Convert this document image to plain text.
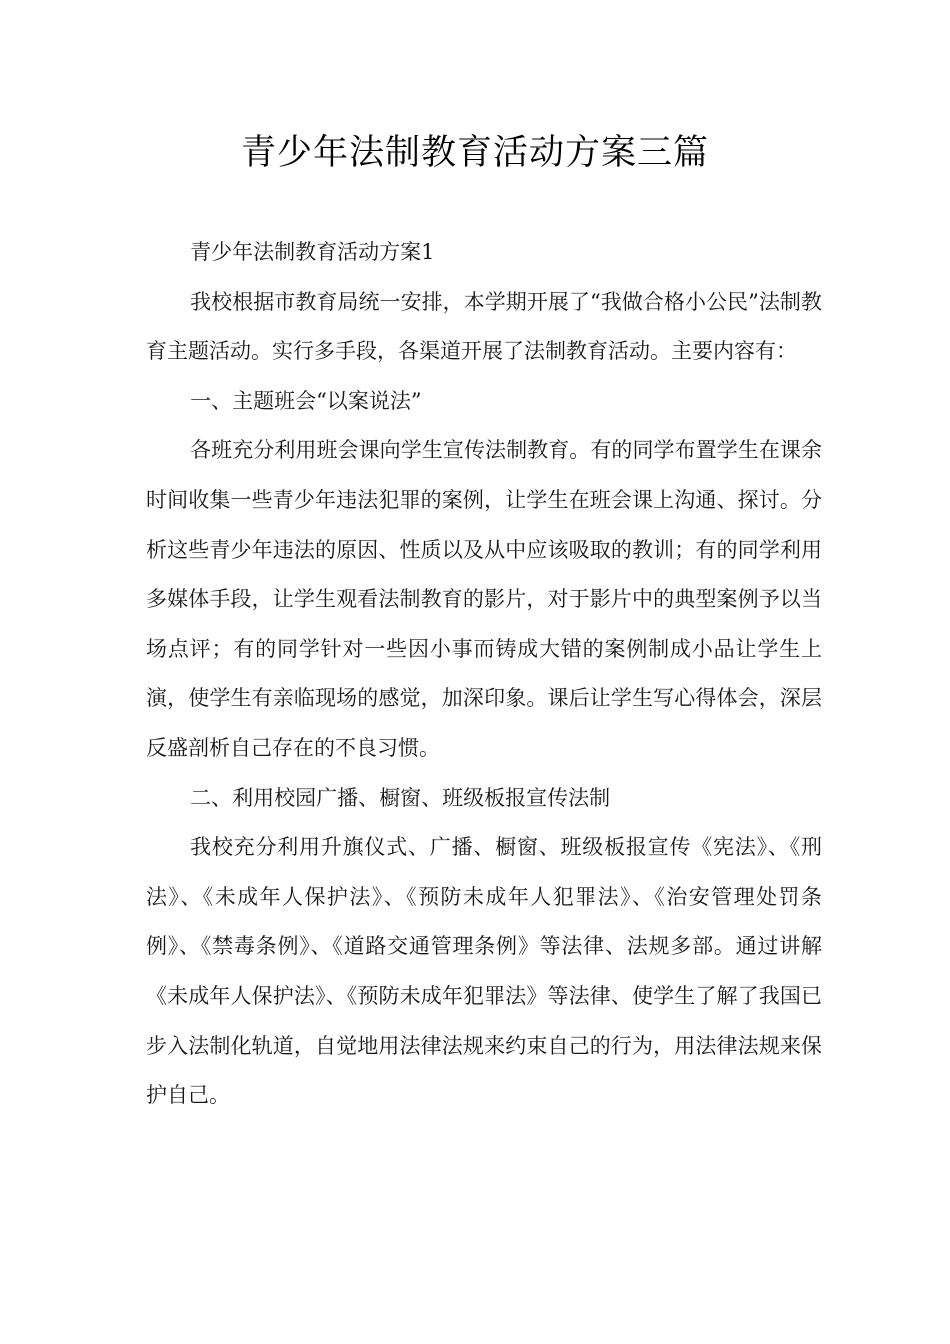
青少年法制教育活动方案三篇

青少年法制教育活动方案1

我校根据市教育局统一安排，本学期开展了“我做合格小公民”法制教育主题活动。实行多手段，各渠道开展了法制教育活动。主要内容有：

一、主题班会“以案说法”

各班充分利用班会课向学生宣传法制教育。有的同学布置学生在课余时间收集一些青少年违法犯罪的案例，让学生在班会课上沟通、探讨。分析这些青少年违法的原因、性质以及从中应该吸取的教训；有的同学利用多媒体手段，让学生观看法制教育的影片，对于影片中的典型案例予以当场点评；有的同学针对一些因小事而铸成大错的案例制成小品让学生上演，使学生有亲临现场的感觉，加深印象。课后让学生写心得体会，深层反盛剖析自己存在的不良习惯。

二、利用校园广播、橱窗、班级板报宣传法制

我校充分利用升旗仪式、广播、橱窗、班级板报宣传《宪法》、《刑法》、《未成年人保护法》、《预防未成年人犯罪法》、《治安管理处罚条例》、《禁毒条例》、《道路交通管理条例》等法律、法规多部。通过讲解《未成年人保护法》、《预防未成年犯罪法》等法律、使学生了解了我国已步入法制化轨道，自觉地用法律法规来约束自己的行为，用法律法规来保护自己。
